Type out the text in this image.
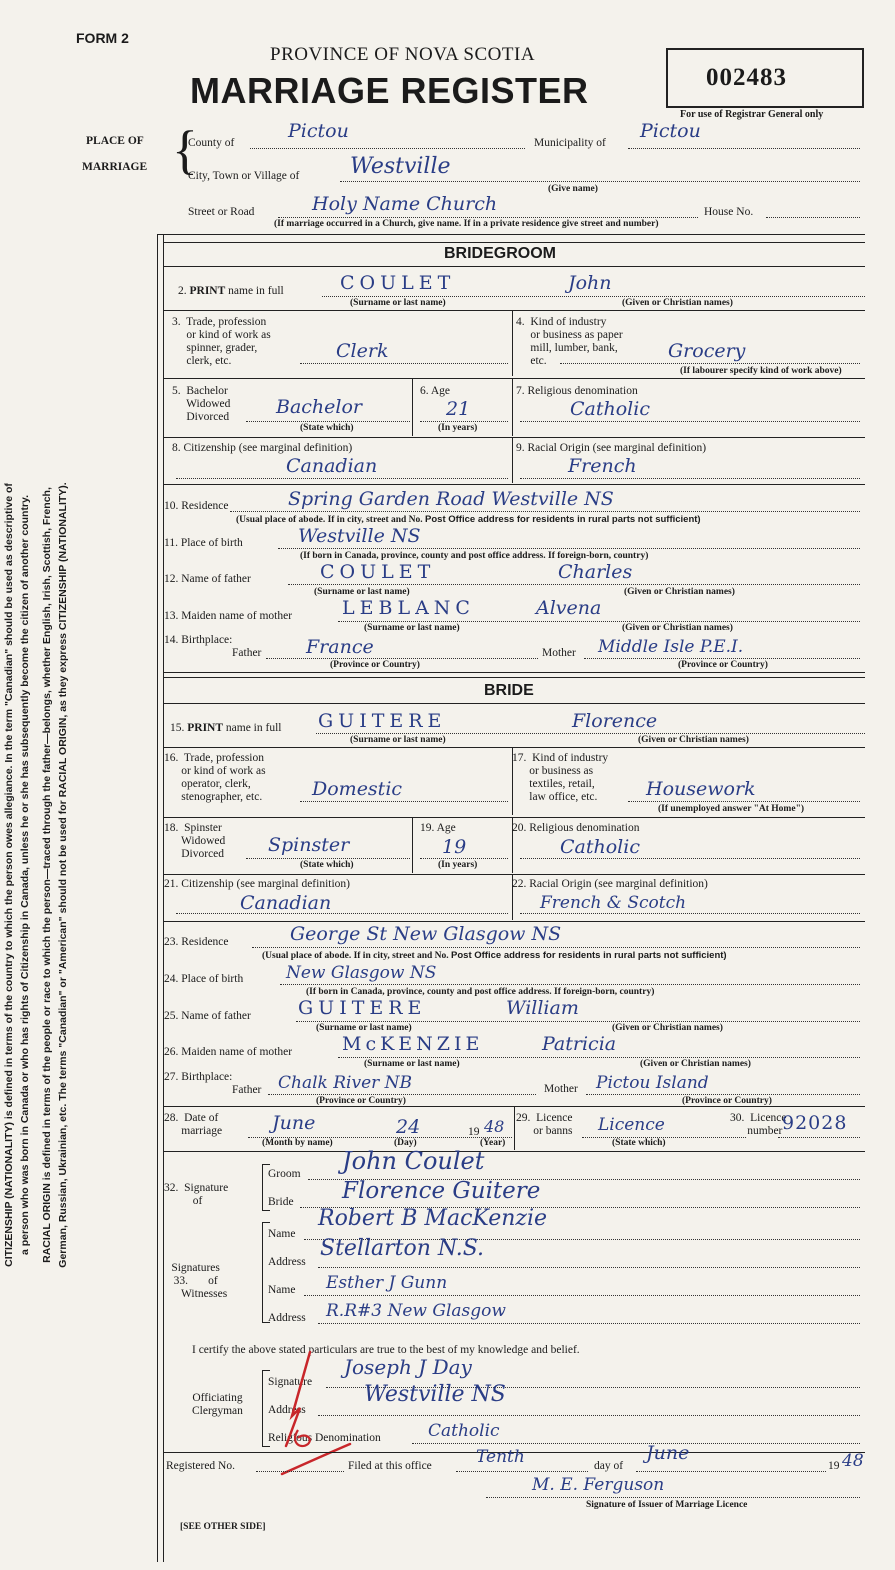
CITIZENSHIP (NATIONALITY) is defined in terms of the country to which the person owes allegiance. In the term "Canadian" should be used as descriptive of a person who was born in Canada or who has rights of Citizenship in Canada, unless he or she has subsequently become the citizen of another country. RACIAL ORIGIN is defined in terms of the people or race to which the person—traced through the father—belongs, whether English, Irish, Scottish, French, German, Russian, Ukrainian, etc. The terms "Canadian" or "American" should not be used for RACIAL ORIGIN, as they express CITIZENSHIP (NATIONALITY).
FORM 2
PROVINCE OF NOVA SCOTIA
MARRIAGE REGISTER	002483
For use of Registrar General only
PLACE OF
MARRIAGE {
County of
Pictou
Municipality of
Pictou
City, Town or Village of Westville
(Give name)
Street or Road	Holy Name Church	House No.
(If marriage occurred in a Church, give name. If in a private residence give street and number)
BRIDEGROOM
2. PRINT name in full	COULET	John
(Surname or last name)	(Given or Christian names)
3.  Trade, profession
or kind of work as
spinner, grader,
clerk, etc.	Clerk
4.  Kind of industry
or business as paper
mill, lumber, bank,
etc.	Grocery
(If labourer specify kind of work above)
5.  Bachelor
Widowed
Divorced Bachelor
(State which)
6. Age
21
(In years)
7. Religious denomination
Catholic
8. Citizenship (see marginal definition)
Canadian
9. Racial Origin (see marginal definition)
French
10. Residence	Spring Garden Road Westville NS
(Usual place of abode. If in city, street and No. Post Office address for residents in rural parts not sufficient)
11. Place of birth	Westville NS
(If born in Canada, province, county and post office address. If foreign-born, country)
12. Name of father	COULET	Charles
(Surname or last name)	(Given or Christian names)
13. Maiden name of mother	LEBLANC	Alvena
(Surname or last name)	(Given or Christian names)
14. Birthplace:
Father France	Mother Middle Isle P.E.I.
(Province or Country)	(Province or Country)
BRIDE
15. PRINT name in full GUITERE	Florence
(Surname or last name)	(Given or Christian names)
16.  Trade, profession
or kind of work as
operator, clerk,
stenographer, etc.	Domestic
17.  Kind of industry
or business as
textiles, retail,
law office, etc.	Housework
(If unemployed answer "At Home")
18.  Spinster
Widowed
Divorced Spinster
(State which)
19. Age
19
(In years)
20. Religious denomination
Catholic
21. Citizenship (see marginal definition)
Canadian
22. Racial Origin (see marginal definition)
French & Scotch
23. Residence	George St New Glasgow NS
(Usual place of abode. If in city, street and No. Post Office address for residents in rural parts not sufficient)
24. Place of birth	New Glasgow NS
(If born in Canada, province, county and post office address. If foreign-born, country)
25. Name of father GUITERE	William
(Surname or last name)	(Given or Christian names)
26. Maiden name of mother	McKENZIE	Patricia
(Surname or last name)	(Given or Christian names)
27. Birthplace:
Father Chalk River NB	Mother Pictou Island
(Province or Country)	(Province or Country)
28.  Date of
marriage	June	24	19 48
(Month by name)	(Day)	(Year)
29.  Licence
or banns Licence
(State which)
30.  Licence
number 92028
32.  Signature
of
Groom John Coulet
Bride Florence Guitere
Signatures
33.       of
Witnesses
Name
Robert B MacKenzie
Address
Stellarton N.S.
Name Esther J Gunn
Address R.R#3 New Glasgow
I certify the above stated particulars are true to the best of my knowledge and belief.
Officiating
Clergyman
Signature
Joseph J Day
Address
Westville NS
Religious Denomination	Catholic
Registered No.	Filed at this office	Tenth	day of
June
19 48
M. E. Ferguson
Signature of Issuer of Marriage Licence
[SEE OTHER SIDE]
